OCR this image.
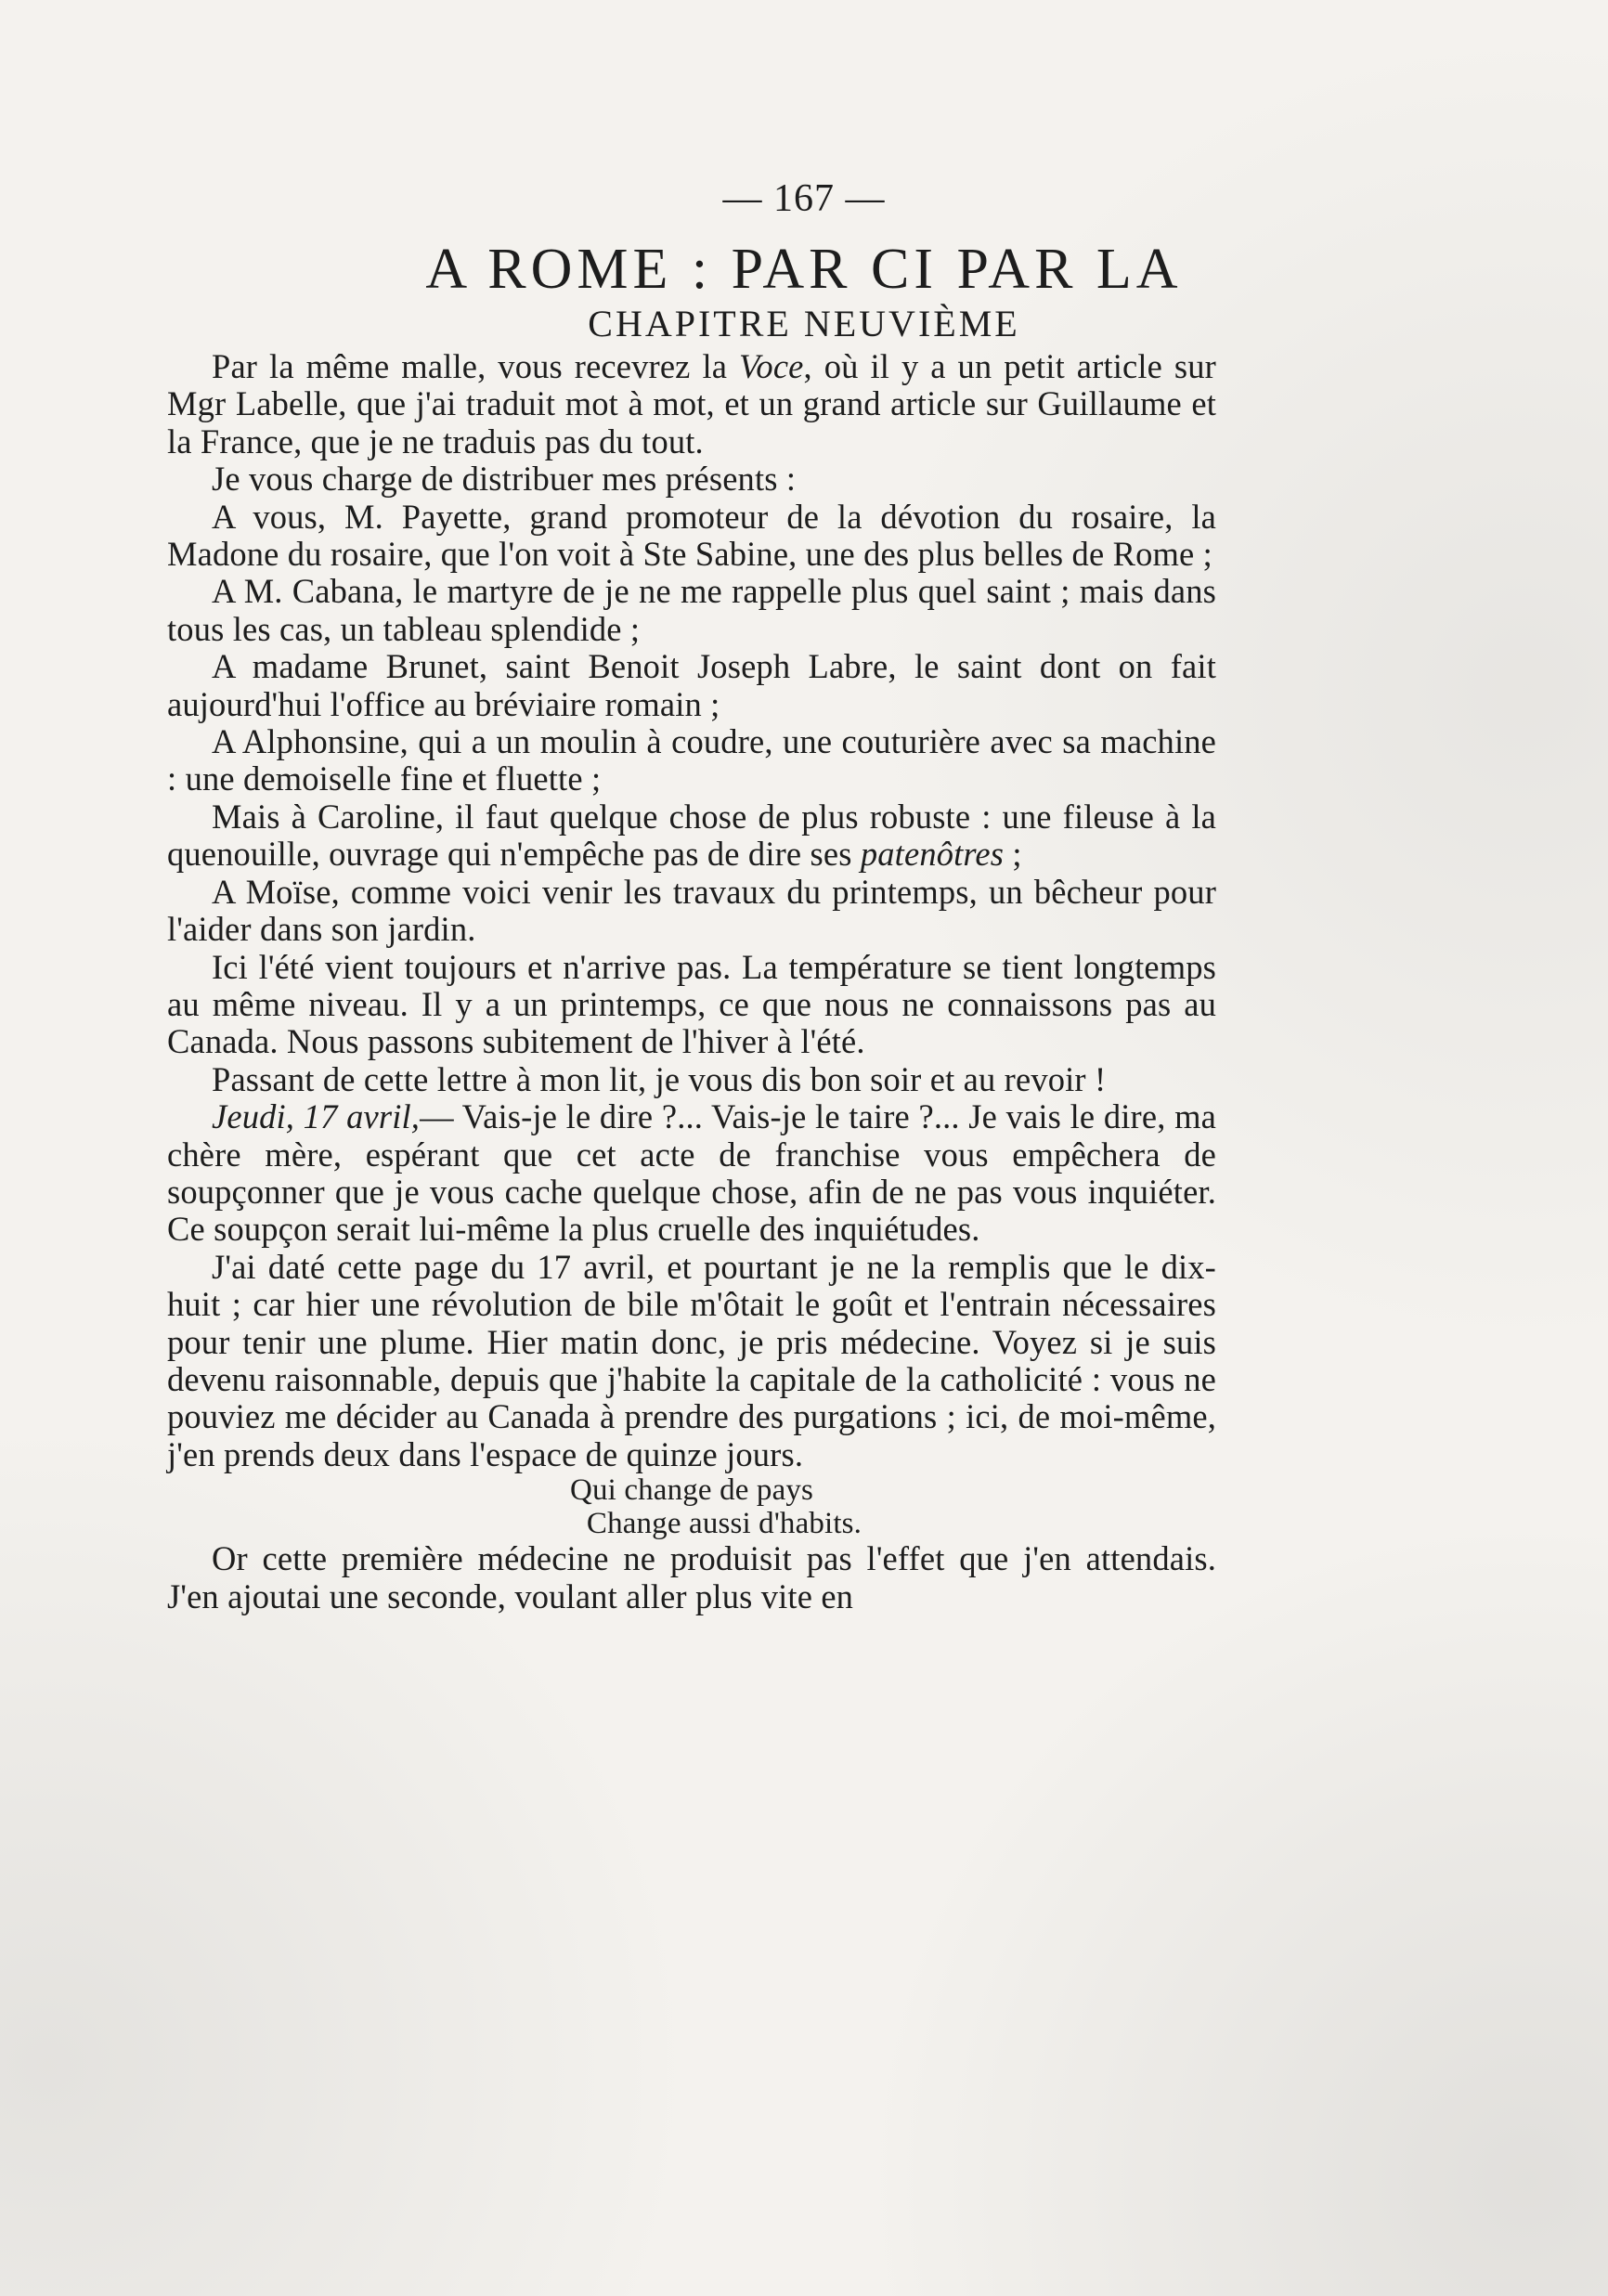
— 167 —
A ROME : PAR CI PAR LA
CHAPITRE NEUVIÈME

Par la même malle, vous recevrez la Voce, où il y a un petit article sur Mgr Labelle, que j'ai traduit mot à mot, et un grand article sur Guillaume et la France, que je ne traduis pas du tout.

Je vous charge de distribuer mes présents :

A vous, M. Payette, grand promoteur de la dévotion du rosaire, la Madone du rosaire, que l'on voit à Ste Sabine, une des plus belles de Rome ;

A M. Cabana, le martyre de je ne me rappelle plus quel saint ; mais dans tous les cas, un tableau splendide ;

A madame Brunet, saint Benoit Joseph Labre, le saint dont on fait aujourd'hui l'office au bréviaire romain ;

A Alphonsine, qui a un moulin à coudre, une couturière avec sa machine : une demoiselle fine et fluette ;

Mais à Caroline, il faut quelque chose de plus robuste : une fileuse à la quenouille, ouvrage qui n'empêche pas de dire ses patenôtres ;

A Moïse, comme voici venir les travaux du printemps, un bêcheur pour l'aider dans son jardin.

Ici l'été vient toujours et n'arrive pas. La température se tient longtemps au même niveau. Il y a un printemps, ce que nous ne connaissons pas au Canada. Nous passons subitement de l'hiver à l'été.

Passant de cette lettre à mon lit, je vous dis bon soir et au revoir !

Jeudi, 17 avril,— Vais-je le dire ?... Vais-je le taire ?... Je vais le dire, ma chère mère, espérant que cet acte de franchise vous empêchera de soupçonner que je vous cache quelque chose, afin de ne pas vous inquiéter. Ce soupçon serait lui-même la plus cruelle des inquiétudes.

J'ai daté cette page du 17 avril, et pourtant je ne la remplis que le dix-huit ; car hier une révolution de bile m'ôtait le goût et l'entrain nécessaires pour tenir une plume. Hier matin donc, je pris médecine. Voyez si je suis devenu raisonnable, depuis que j'habite la capitale de la catholicité : vous ne pouviez me décider au Canada à prendre des purgations ; ici, de moi-même, j'en prends deux dans l'espace de quinze jours.

Qui change de pays
Change aussi d'habits.

Or cette première médecine ne produisit pas l'effet que j'en attendais. J'en ajoutai une seconde, voulant aller plus vite en
